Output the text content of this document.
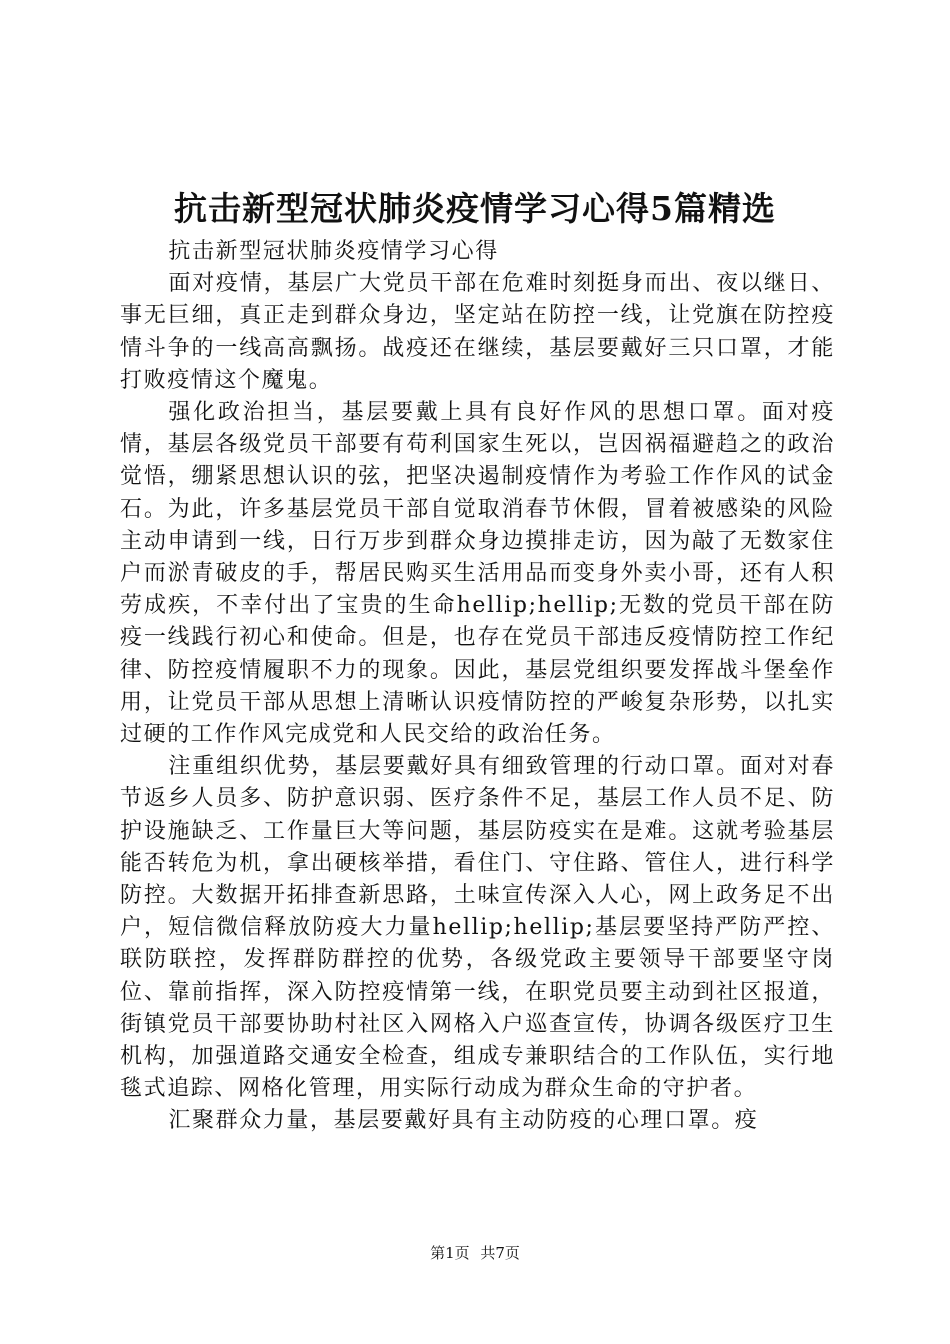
抗击新型冠状肺炎疫情学习心得5篇精选

抗击新型冠状肺炎疫情学习心得

面对疫情，基层广大党员干部在危难时刻挺身而出、夜以继日、事无巨细，真正走到群众身边，坚定站在防控一线，让党旗在防控疫情斗争的一线高高飘扬。战疫还在继续，基层要戴好三只口罩，才能打败疫情这个魔鬼。

强化政治担当，基层要戴上具有良好作风的思想口罩。面对疫情，基层各级党员干部要有苟利国家生死以，岂因祸福避趋之的政治觉悟，绷紧思想认识的弦，把坚决遏制疫情作为考验工作作风的试金石。为此，许多基层党员干部自觉取消春节休假，冒着被感染的风险主动申请到一线，日行万步到群众身边摸排走访，因为敲了无数家住户而淤青破皮的手，帮居民购买生活用品而变身外卖小哥，还有人积劳成疾，不幸付出了宝贵的生命hellip;hellip;无数的党员干部在防疫一线践行初心和使命。但是，也存在党员干部违反疫情防控工作纪律、防控疫情履职不力的现象。因此，基层党组织要发挥战斗堡垒作用，让党员干部从思想上清晰认识疫情防控的严峻复杂形势，以扎实过硬的工作作风完成党和人民交给的政治任务。

注重组织优势，基层要戴好具有细致管理的行动口罩。面对对春节返乡人员多、防护意识弱、医疗条件不足，基层工作人员不足、防护设施缺乏、工作量巨大等问题，基层防疫实在是难。这就考验基层能否转危为机，拿出硬核举措，看住门、守住路、管住人，进行科学防控。大数据开拓排查新思路，土味宣传深入人心，网上政务足不出户，短信微信释放防疫大力量hellip;hellip;基层要坚持严防严控、联防联控，发挥群防群控的优势，各级党政主要领导干部要坚守岗位、靠前指挥，深入防控疫情第一线，在职党员要主动到社区报道，街镇党员干部要协助村社区入网格入户巡查宣传，协调各级医疗卫生机构，加强道路交通安全检查，组成专兼职结合的工作队伍，实行地毯式追踪、网格化管理，用实际行动成为群众生命的守护者。

汇聚群众力量，基层要戴好具有主动防疫的心理口罩。疫

第1页 共7页
